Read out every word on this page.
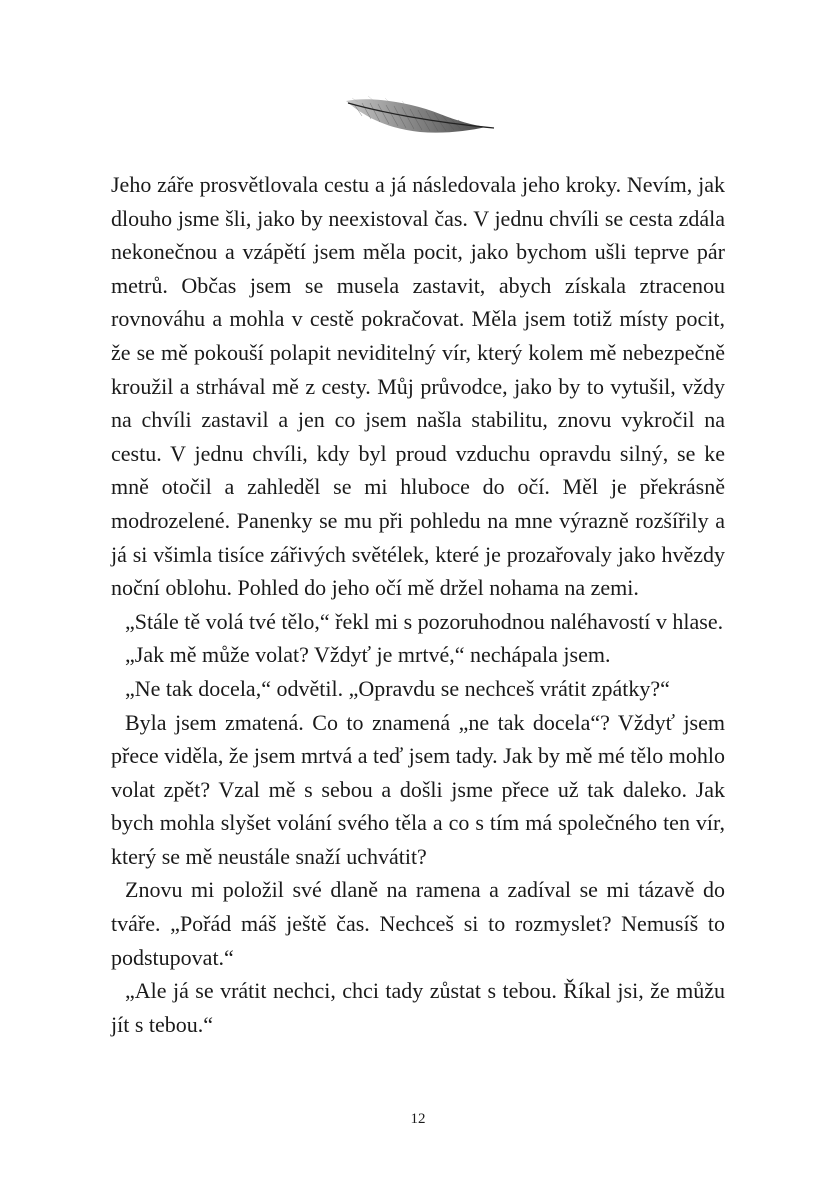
Jeho záře prosvětlovala cestu a já následovala jeho kroky. Nevím, jak dlouho jsme šli, jako by neexistoval čas. V jednu chvíli se cesta zdála nekonečnou a vzápětí jsem měla pocit, jako bychom ušli teprve pár metrů. Občas jsem se musela zastavit, abych získala ztracenou rovnováhu a mohla v cestě pokračovat. Měla jsem totiž místy pocit, že se mě pokouší polapit neviditelný vír, který kolem mě nebezpečně kroužil a strhával mě z cesty. Můj průvodce, jako by to vytušil, vždy na chvíli zastavil a jen co jsem našla stabilitu, znovu vykročil na cestu. V jednu chvíli, kdy byl proud vzduchu opravdu silný, se ke mně otočil a zahleděl se mi hluboce do očí. Měl je překrásně modrozelené. Panenky se mu při pohledu na mne výrazně rozšířily a já si všimla tisíce zářivých světélek, které je prozařovaly jako hvězdy noční oblohu. Pohled do jeho očí mě držel nohama na zemi.

„Stále tě volá tvé tělo,“ řekl mi s pozoruhodnou naléhavostí v hlase.

„Jak mě může volat? Vždyť je mrtvé,“ nechápala jsem.

„Ne tak docela,“ odvětil. „Opravdu se nechceš vrátit zpátky?“

Byla jsem zmatená. Co to znamená „ne tak docela“? Vždyť jsem přece viděla, že jsem mrtvá a teď jsem tady. Jak by mě mé tělo mohlo volat zpět? Vzal mě s sebou a došli jsme přece už tak daleko. Jak bych mohla slyšet volání svého těla a co s tím má společného ten vír, který se mě neustále snaží uchvátit?

Znovu mi položil své dlaně na ramena a zadíval se mi tázavě do tváře. „Pořád máš ještě čas. Nechceš si to rozmyslet? Nemusíš to podstupovat.“

„Ale já se vrátit nechci, chci tady zůstat s tebou. Říkal jsi, že můžu jít s tebou.“

12
